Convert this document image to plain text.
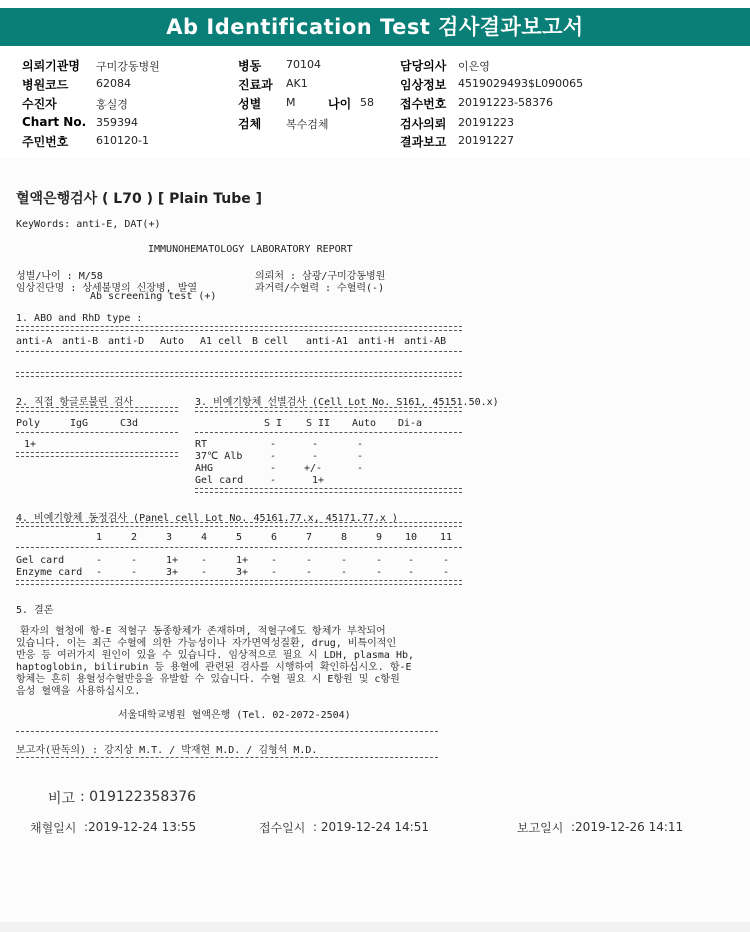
Ab Identification Test 검사결과보고서
의뢰기관명 구미강동병원
병원코드	62084
수진자	홍실경
Chart No. 359394
주민번호	610120-1
병동 70104
진료과 AK1
성별 M	나이 58
검체 복수검체
담당의사 이은영
임상정보 4519029493$L090065
접수번호 20191223-58376
검사의뢰 20191223
결과보고 20191227
혈액은행검사 ( L70 ) [ Plain Tube ]
KeyWords: anti-E, DAT(+)
IMMUNOHEMATOLOGY LABORATORY REPORT
성별/나이 : M/58	의뢰처 : 삼광/구미강동병원
임상진단명 : 상세불명의 신장병, 발열	과거력/수혈력 : 수혈력(-)
Ab screening test (+)
1. ABO and RhD type :
anti-A anti-B anti-D Auto A1 cell B cell anti-A1 anti-H anti-AB
2. 직접 항글로불린 검사
Poly	IgG	C3d
1+
3. 비예기항체 선별검사 (Cell Lot No. S161, 45151.50.x)
S I S II Auto Di-a
RT	-	-	-
37℃ Alb	-	-	-
AHG	-	+/-	-
Gel card	-	1+
4. 비예기항체 동정검사 (Panel cell Lot No. 45161.77.x, 45171.77.x )
1	2	3	4	5	6	7	8	9 10 11
Gel card	-	-	1+ -	1+ -	-	-	-	-	-
Enzyme card -	-	3+ -	3+ -	-	-	-	-	-
5. 결론
환자의 혈청에 항-E 적혈구 동종항체가 존재하며, 적혈구에도 항체가 부착되어
있습니다. 이는 최근 수혈에 의한 가능성이나 자가면역성질환, drug, 비특이적인
반응 등 여러가지 원인이 있을 수 있습니다. 임상적으로 필요 시 LDH, plasma Hb,
haptoglobin, bilirubin 등 용혈에 관련된 검사를 시행하여 확인하십시오. 항-E
항체는 흔히 용혈성수혈반응을 유발할 수 있습니다. 수혈 필요 시 E항원 및 c항원
음성 혈액을 사용하십시오.
서울대학교병원 혈액은행 (Tel. 02-2072-2504)
보고자(판독의) : 강지상 M.T. / 박재현 M.D. / 김형석 M.D.
비고 : 019122358376
채혈일시 :2019-12-24 13:55	접수일시 : 2019-12-24 14:51	보고일시 :2019-12-26 14:11
